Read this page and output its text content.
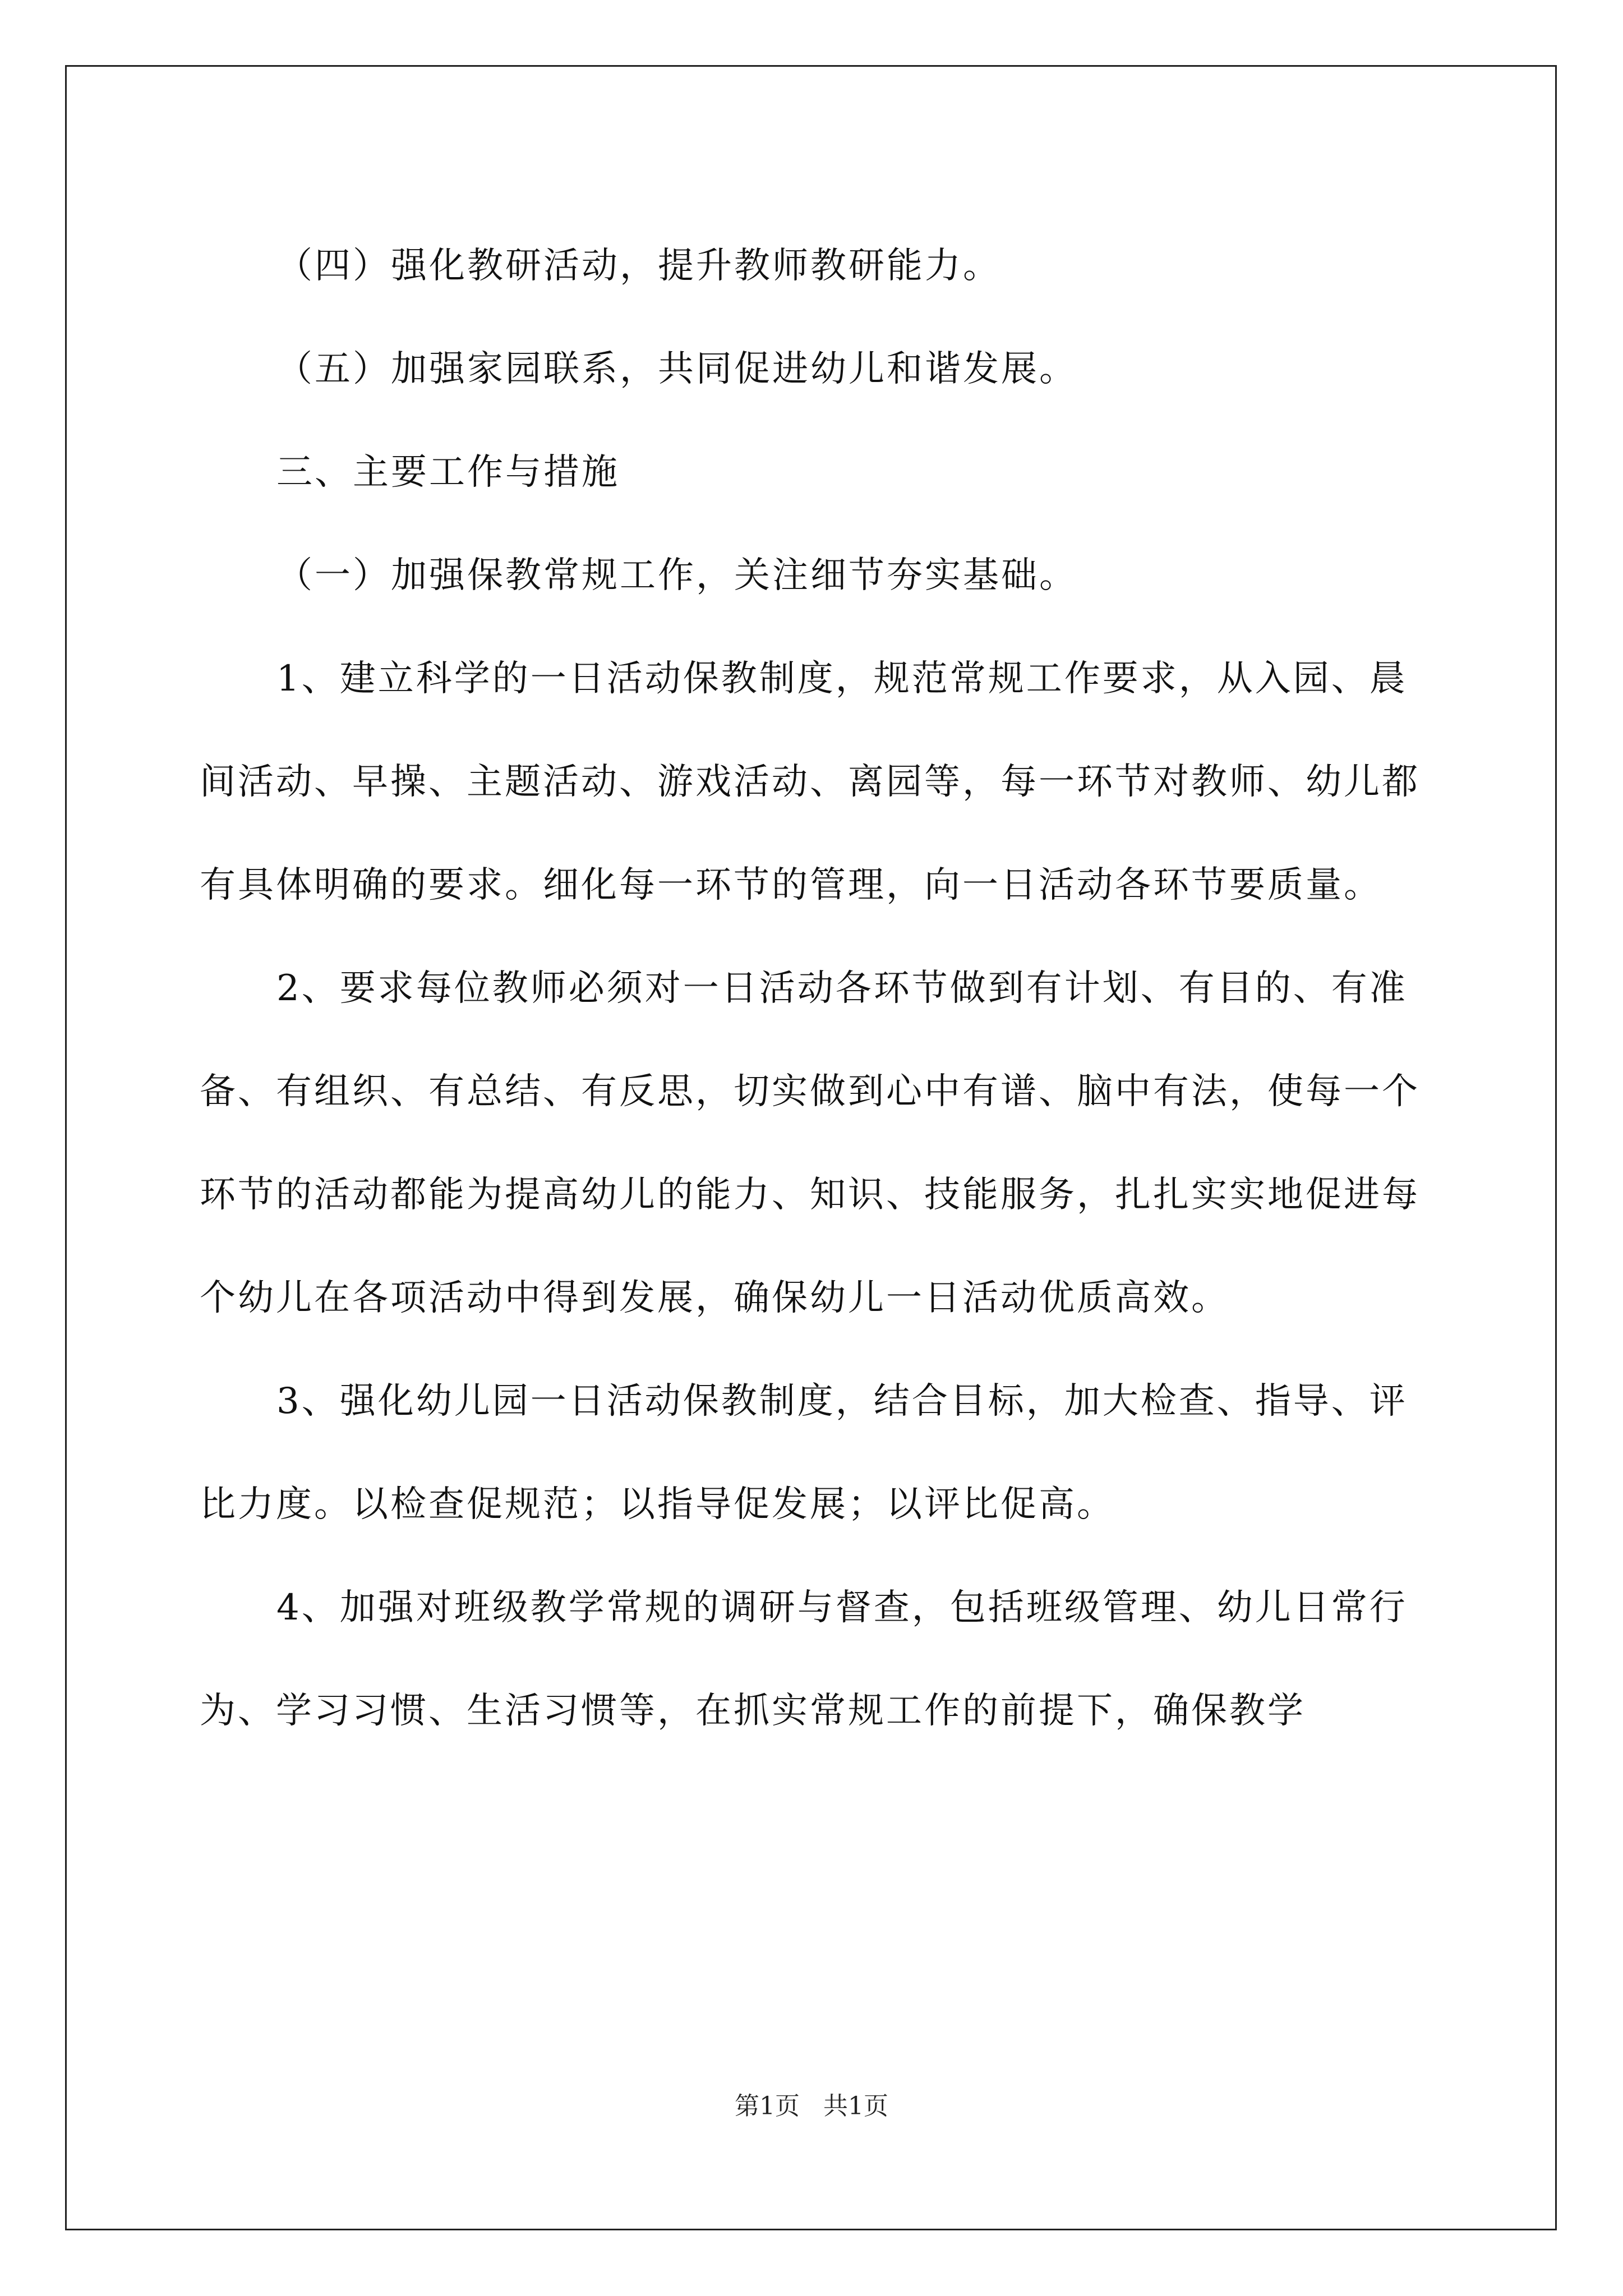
（四）强化教研活动，提升教师教研能力。

（五）加强家园联系，共同促进幼儿和谐发展。

三、主要工作与措施

（一）加强保教常规工作，关注细节夯实基础。

1、建立科学的一日活动保教制度，规范常规工作要求，从入园、晨间活动、早操、主题活动、游戏活动、离园等，每一环节对教师、幼儿都有具体明确的要求。细化每一环节的管理，向一日活动各环节要质量。

2、要求每位教师必须对一日活动各环节做到有计划、有目的、有准备、有组织、有总结、有反思，切实做到心中有谱、脑中有法，使每一个环节的活动都能为提高幼儿的能力、知识、技能服务，扎扎实实地促进每个幼儿在各项活动中得到发展，确保幼儿一日活动优质高效。

3、强化幼儿园一日活动保教制度，结合目标，加大检查、指导、评比力度。以检查促规范；以指导促发展；以评比促高。

4、加强对班级教学常规的调研与督查，包括班级管理、幼儿日常行为、学习习惯、生活习惯等，在抓实常规工作的前提下，确保教学

第1页   共1页
